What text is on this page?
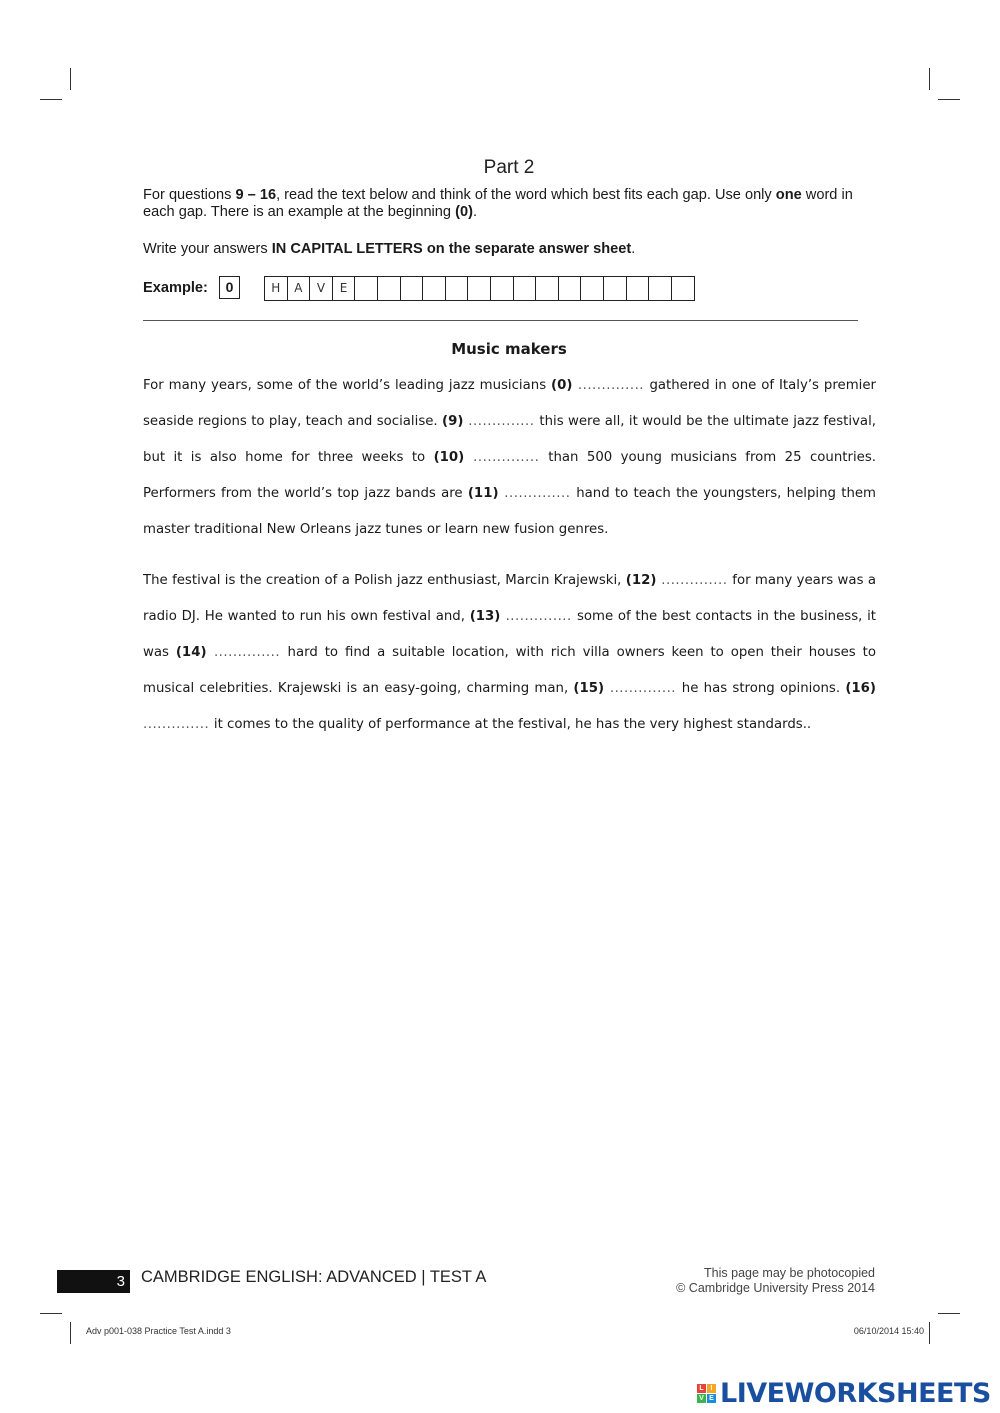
Part 2
For questions 9 – 16, read the text below and think of the word which best fits each gap. Use only one word in each gap. There is an example at the beginning (0).
Write your answers IN CAPITAL LETTERS on the separate answer sheet.
Example:	0	H	A	V	E
Music makers
For many years, some of the world’s leading jazz musicians (0) .............. gathered in one of Italy’s premier seaside regions to play, teach and socialise. (9) .............. this were all, it would be the ultimate jazz festival, but it is also home for three weeks to (10) .............. than 500 young musicians from 25 countries. Performers from the world’s top jazz bands are (11) .............. hand to teach the youngsters, helping them master traditional New Orleans jazz tunes or learn new fusion genres.
The festival is the creation of a Polish jazz enthusiast, Marcin Krajewski, (12) .............. for many years was a radio DJ. He wanted to run his own festival and, (13) .............. some of the best contacts in the business, it was (14) .............. hard to find a suitable location, with rich villa owners keen to open their houses to musical celebrities. Krajewski is an easy-going, charming man, (15) .............. he has strong opinions. (16) .............. it comes to the quality of performance at the festival, he has the very highest standards..
3 CAMBRIDGE ENGLISH: ADVANCED | TEST A	This page may be photocopied
© Cambridge University Press 2014
Adv p001-038 Practice Test A.indd 3	06/10/2014 15:40
L I
V E LIVEWORKSHEETS
